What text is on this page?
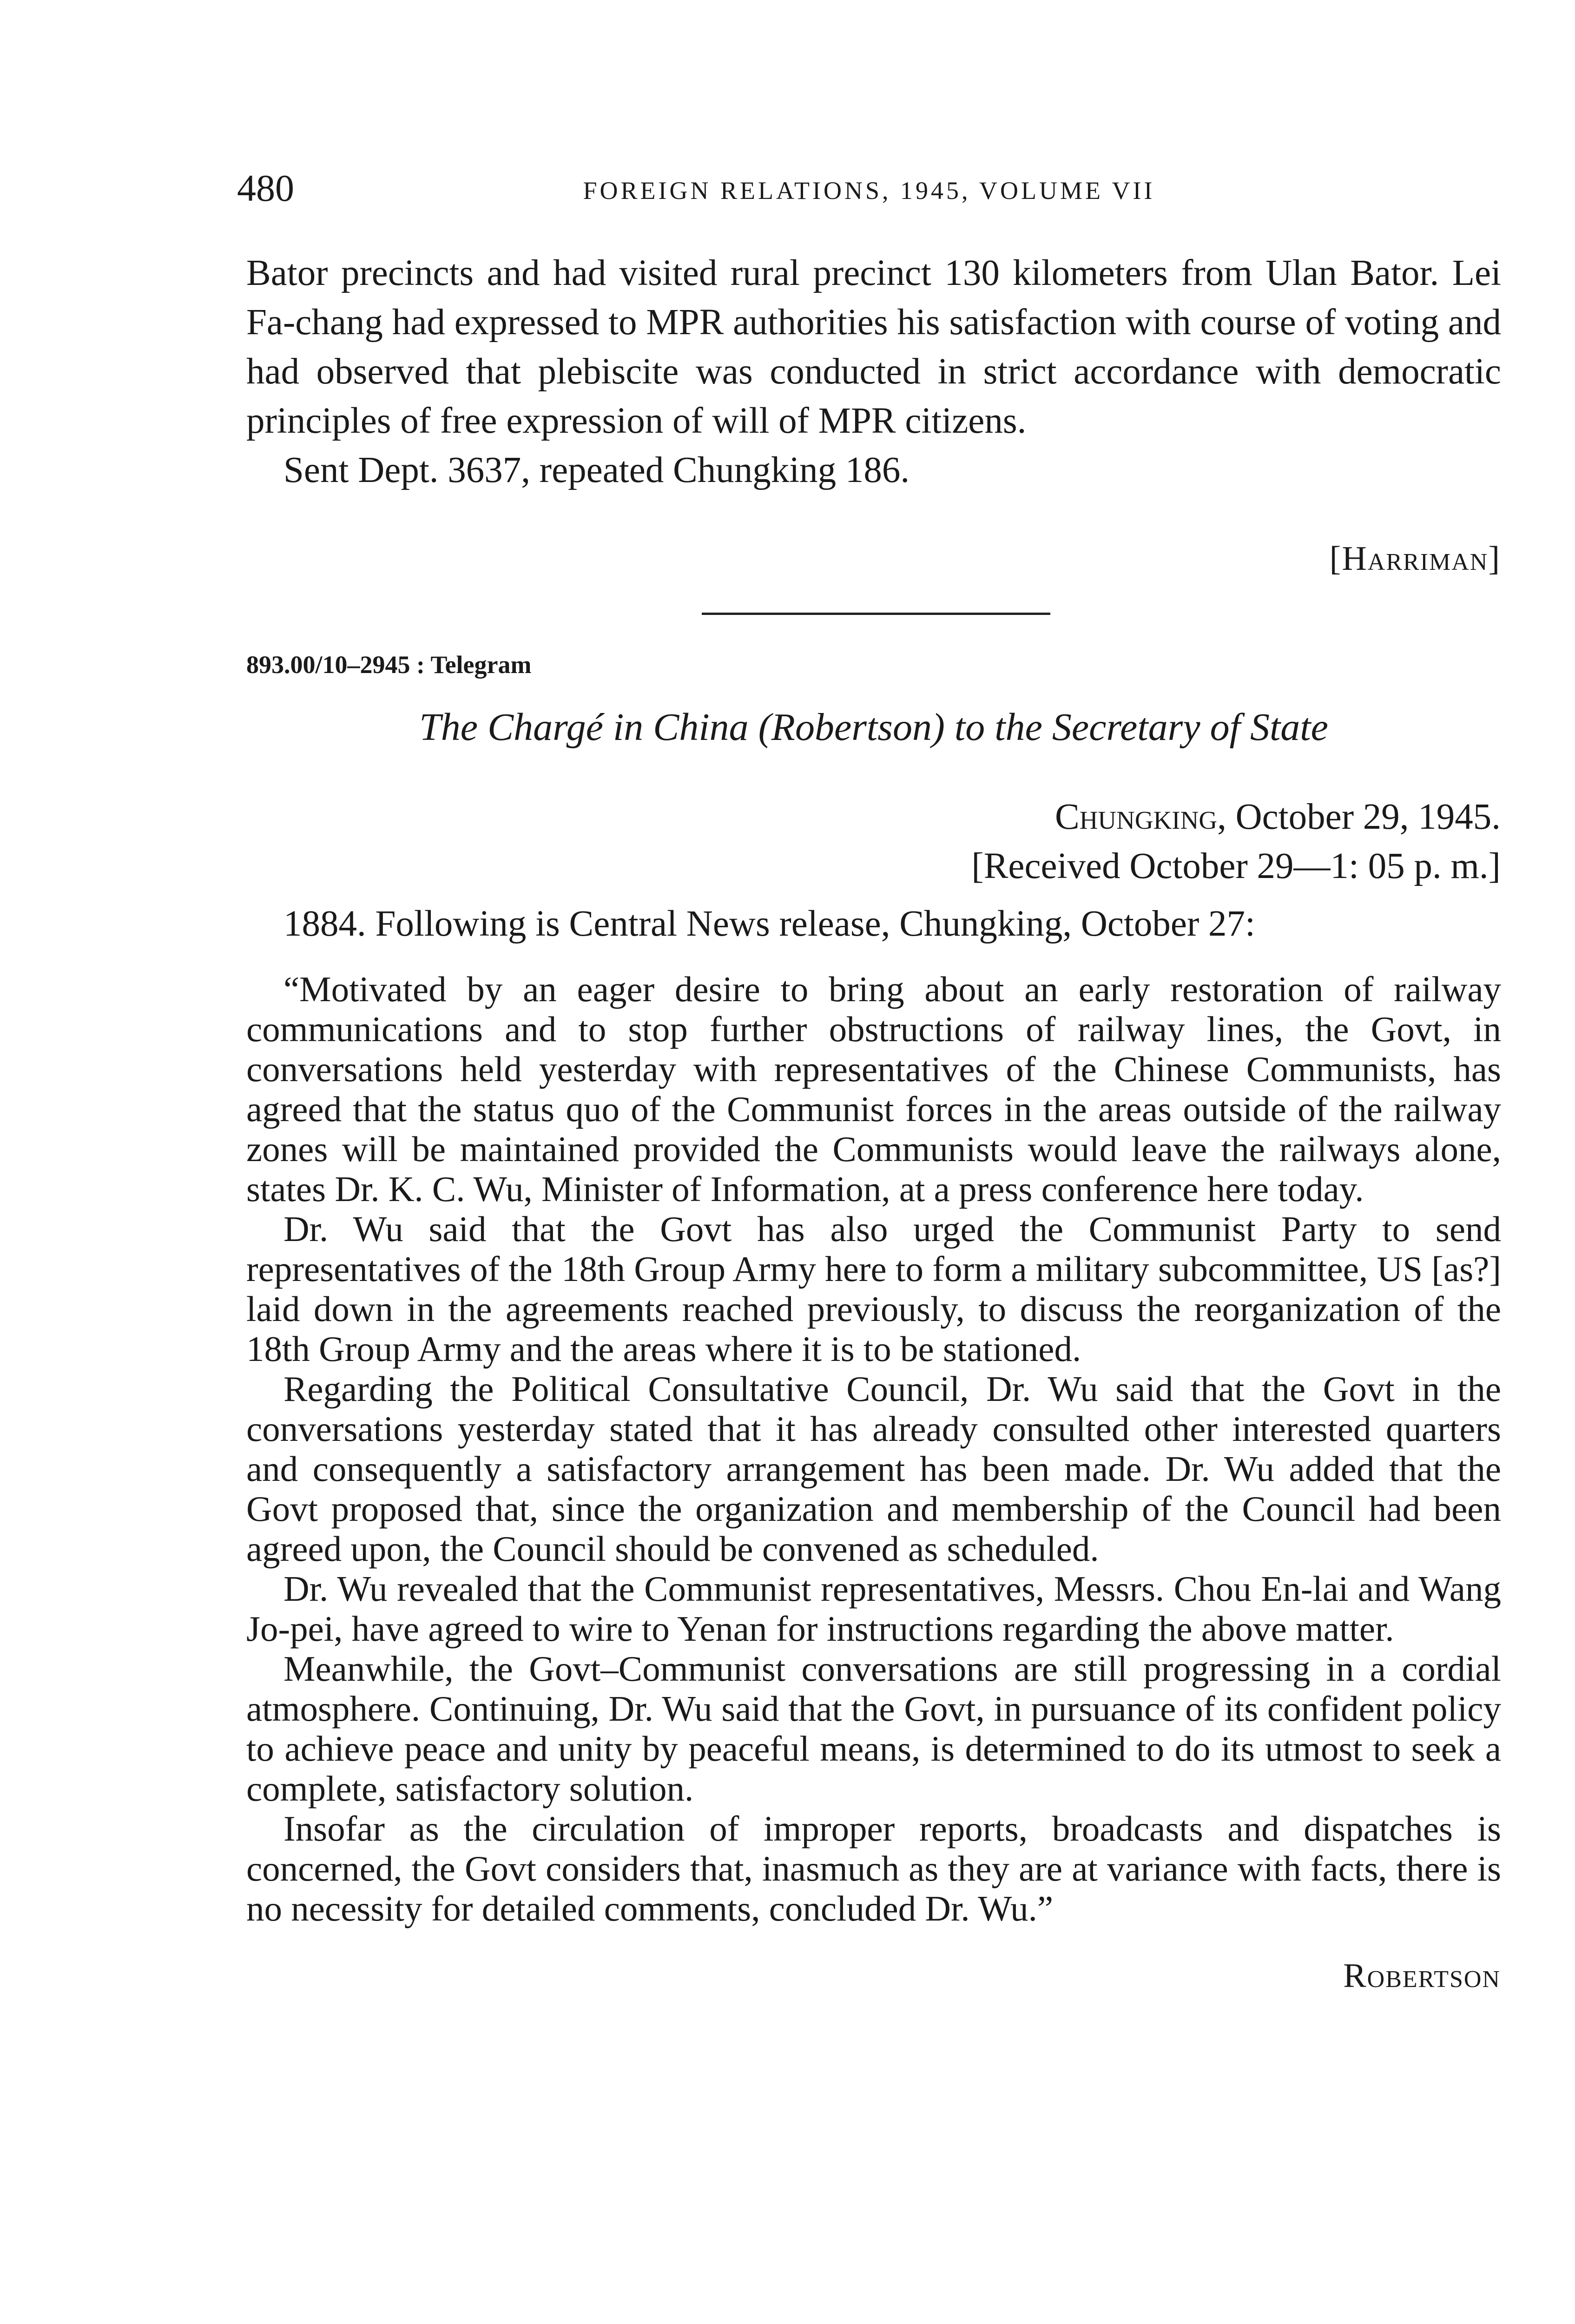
480	FOREIGN RELATIONS, 1945, VOLUME VII

Bator precincts and had visited rural precinct 130 kilometers from Ulan Bator. Lei Fa-chang had expressed to MPR authorities his satisfaction with course of voting and had observed that plebiscite was conducted in strict accordance with democratic principles of free expression of will of MPR citizens.

Sent Dept. 3637, repeated Chungking 186.

[Harriman]
893.00/10–2945 : Telegram
The Chargé in China (Robertson) to the Secretary of State
Chungking, October 29, 1945.
[Received October 29—1: 05 p. m.]

1884. Following is Central News release, Chungking, October 27:

“Motivated by an eager desire to bring about an early restoration of railway communications and to stop further obstructions of railway lines, the Govt, in conversations held yesterday with representatives of the Chinese Communists, has agreed that the status quo of the Communist forces in the areas outside of the railway zones will be maintained provided the Communists would leave the railways alone, states Dr. K. C. Wu, Minister of Information, at a press conference here today.

Dr. Wu said that the Govt has also urged the Communist Party to send representatives of the 18th Group Army here to form a military subcommittee, US [as?] laid down in the agreements reached previously, to discuss the reorganization of the 18th Group Army and the areas where it is to be stationed.

Regarding the Political Consultative Council, Dr. Wu said that the Govt in the conversations yesterday stated that it has already consulted other interested quarters and consequently a satisfactory arrangement has been made. Dr. Wu added that the Govt proposed that, since the organization and membership of the Council had been agreed upon, the Council should be convened as scheduled.

Dr. Wu revealed that the Communist representatives, Messrs. Chou En-lai and Wang Jo-pei, have agreed to wire to Yenan for instructions regarding the above matter.

Meanwhile, the Govt–Communist conversations are still progressing in a cordial atmosphere. Continuing, Dr. Wu said that the Govt, in pursuance of its confident policy to achieve peace and unity by peaceful means, is determined to do its utmost to seek a complete, satisfactory solution.

Insofar as the circulation of improper reports, broadcasts and dispatches is concerned, the Govt considers that, inasmuch as they are at variance with facts, there is no necessity for detailed comments, concluded Dr. Wu.”

Robertson
